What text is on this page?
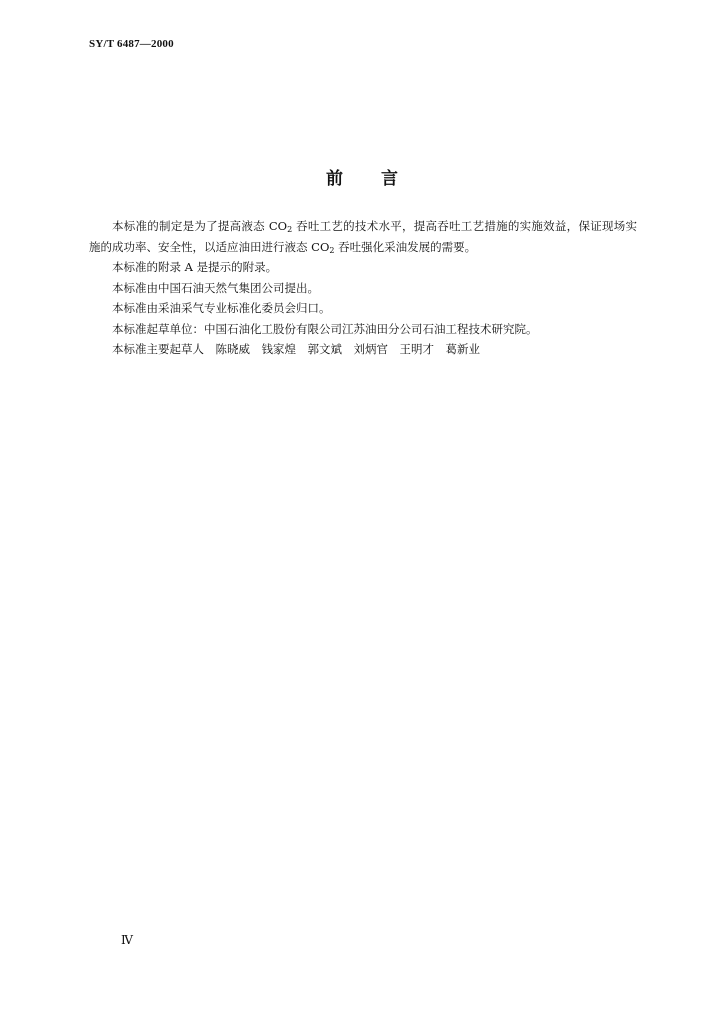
SY/T 6487—2000
前言

本标准的制定是为了提高液态 $CO_2$ 吞吐工艺的技术水平，提高吞吐工艺措施的实施效益，保证现场实施的成功率、安全性，以适应油田进行液态 $CO_2$ 吞吐强化采油发展的需要。

本标准的附录 A 是提示的附录。

本标准由中国石油天然气集团公司提出。

本标准由采油采气专业标准化委员会归口。

本标准起草单位：中国石油化工股份有限公司江苏油田分公司石油工程技术研究院。

本标准主要起草人　陈晓威　钱家煌　郭文斌　刘炳官　王明才　葛新业

Ⅳ
